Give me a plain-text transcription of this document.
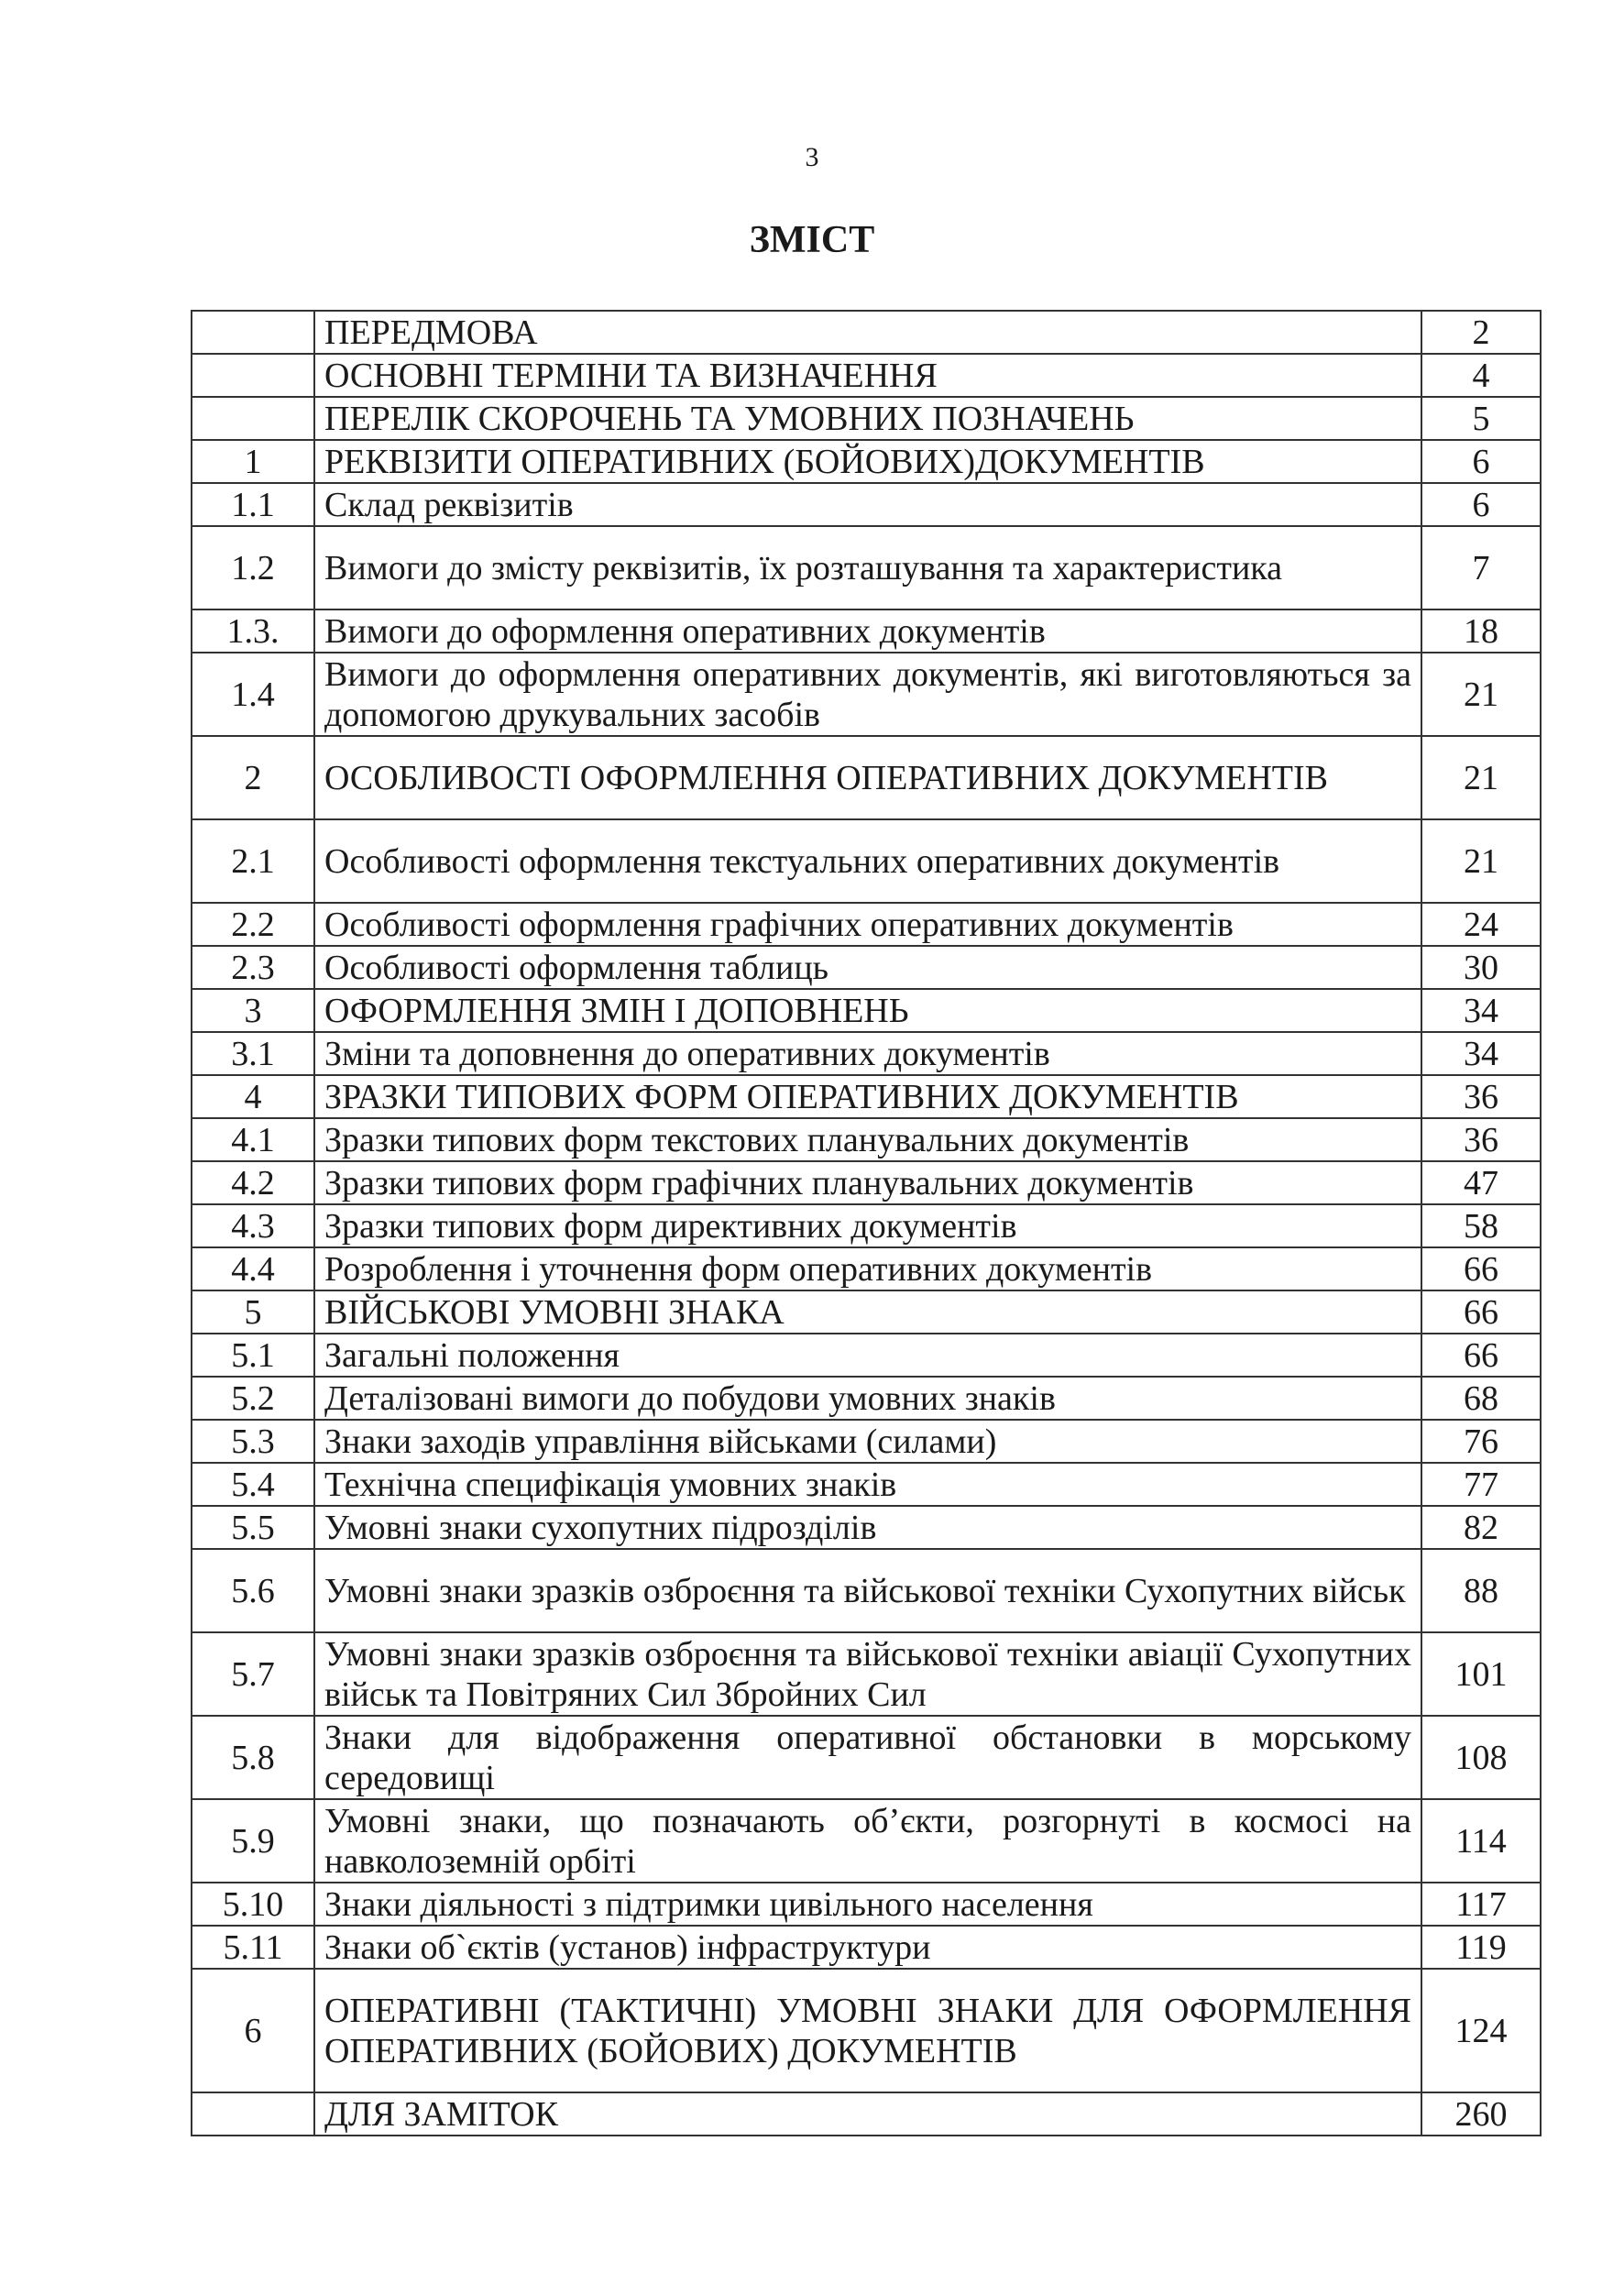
3
ЗМІСТ
	ПЕРЕДМОВА	2
	ОСНОВНІ ТЕРМІНИ ТА ВИЗНАЧЕННЯ	4
	ПЕРЕЛІК СКОРОЧЕНЬ ТА УМОВНИХ ПОЗНАЧЕНЬ	5
1	РЕКВІЗИТИ ОПЕРАТИВНИХ (БОЙОВИХ)ДОКУМЕНТІВ	6
1.1	Склад реквізитів	6
1.2	Вимоги до змісту реквізитів, їх розташування та характеристика	7
1.3.	Вимоги до оформлення оперативних документів	18
1.4	Вимоги до оформлення оперативних документів, які виготовляються за допомогою друкувальних засобів	21
2	ОСОБЛИВОСТІ ОФОРМЛЕННЯ ОПЕРАТИВНИХ ДОКУМЕНТІВ	21
2.1	Особливості оформлення текстуальних оперативних документів	21
2.2	Особливості оформлення графічних оперативних документів	24
2.3	Особливості оформлення таблиць	30
3	ОФОРМЛЕННЯ ЗМІН І ДОПОВНЕНЬ	34
3.1	Зміни та доповнення до оперативних документів	34
4	ЗРАЗКИ ТИПОВИХ ФОРМ ОПЕРАТИВНИХ ДОКУМЕНТІВ	36
4.1	Зразки типових форм текстових планувальних документів	36
4.2	Зразки типових форм графічних планувальних документів	47
4.3	Зразки типових форм директивних документів	58
4.4	Розроблення і уточнення форм оперативних документів	66
5	ВІЙСЬКОВІ УМОВНІ ЗНАКА	66
5.1	Загальні положення	66
5.2	Деталізовані вимоги до побудови умовних знаків	68
5.3	Знаки заходів управління військами (силами)	76
5.4	Технічна специфікація умовних знаків	77
5.5	Умовні знаки сухопутних підрозділів	82
5.6	Умовні знаки зразків озброєння та військової техніки Сухопутних військ	88
5.7	Умовні знаки зразків озброєння та військової техніки авіації Сухопутних військ та Повітряних Сил Збройних Сил	101
5.8	Знаки для відображення оперативної обстановки в морському середовищі	108
5.9	Умовні знаки, що позначають об’єкти, розгорнуті в космосі на навколоземній орбіті	114
5.10	Знаки діяльності з підтримки цивільного населення	117
5.11	Знаки об`єктів (установ) інфраструктури	119
6	ОПЕРАТИВНІ (ТАКТИЧНІ) УМОВНІ ЗНАКИ ДЛЯ ОФОРМЛЕННЯ ОПЕРАТИВНИХ (БОЙОВИХ) ДОКУМЕНТІВ	124
	ДЛЯ ЗАМІТОК	260
